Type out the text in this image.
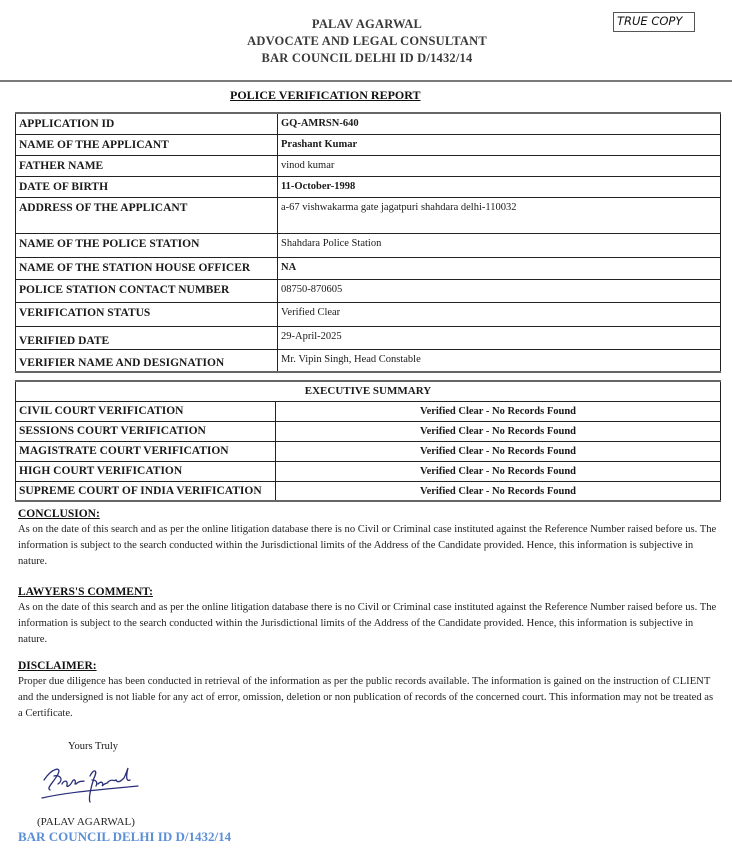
PALAV AGARWAL
ADVOCATE AND LEGAL CONSULTANT
BAR COUNCIL DELHI ID D/1432/14
TRUE COPY
POLICE VERIFICATION REPORT
APPLICATION ID	GQ-AMRSN-640
NAME OF THE APPLICANT	Prashant Kumar
FATHER NAME	vinod kumar
DATE OF BIRTH	11-October-1998
ADDRESS OF THE APPLICANT	a-67 vishwakarma gate jagatpuri shahdara delhi-110032
NAME OF THE POLICE STATION	Shahdara Police Station
NAME OF THE STATION HOUSE OFFICER	NA
POLICE STATION CONTACT NUMBER	08750-870605
VERIFICATION STATUS	Verified Clear
VERIFIED DATE	29-April-2025
VERIFIER NAME AND DESIGNATION	Mr. Vipin Singh, Head Constable
EXECUTIVE SUMMARY	
CIVIL COURT VERIFICATION	Verified Clear - No Records Found
SESSIONS COURT VERIFICATION	Verified Clear - No Records Found
MAGISTRATE COURT VERIFICATION	Verified Clear - No Records Found
HIGH COURT VERIFICATION	Verified Clear - No Records Found
SUPREME COURT OF INDIA VERIFICATION	Verified Clear - No Records Found
CONCLUSION:

As on the date of this search and as per the online litigation database there is no Civil or Criminal case instituted against the Reference Number raised before us. The information is subject to the search conducted within the Jurisdictional limits of the Address of the Candidate provided. Hence, this information is subjective in nature.

LAWYERS'S COMMENT:

As on the date of this search and as per the online litigation database there is no Civil or Criminal case instituted against the Reference Number raised before us. The information is subject to the search conducted within the Jurisdictional limits of the Address of the Candidate provided. Hence, this information is subjective in nature.

DISCLAIMER:

Proper due diligence has been conducted in retrieval of the information as per the public records available. The information is gained on the instruction of CLIENT and the undersigned is not liable for any act of error, omission, deletion or non publication of records of the concerned court. This information may not be treated as a Certificate.

Yours Truly
(PALAV AGARWAL)
BAR COUNCIL DELHI ID D/1432/14
